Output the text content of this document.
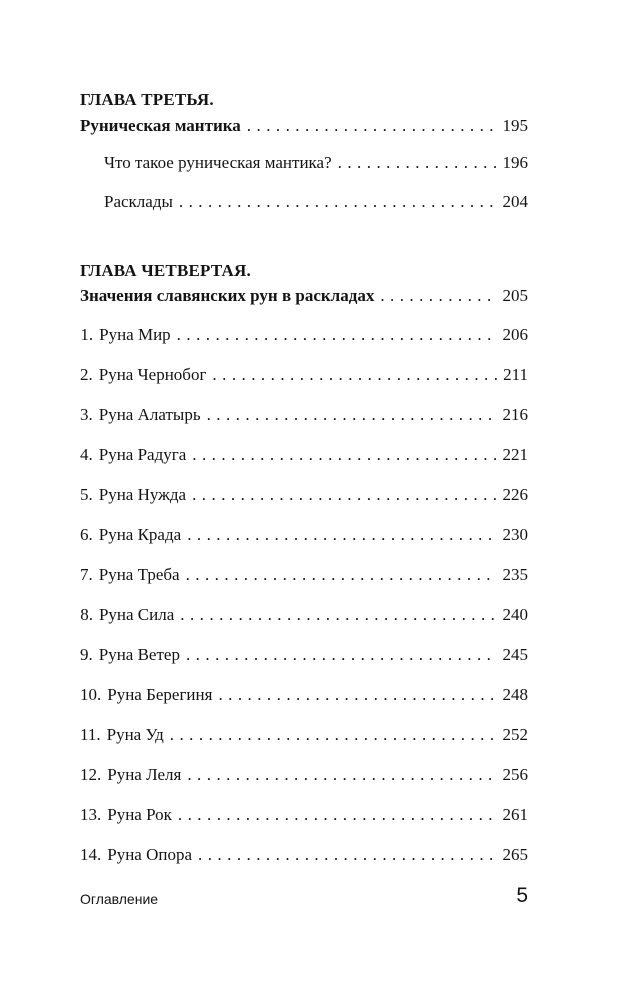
ГЛАВА ТРЕТЬЯ.
Руническая мантика . . .	195
Что такое руническая мантика? . . .	196
Расклады . . .	204
ГЛАВА ЧЕТВЕРТАЯ.
Значения славянских рун в раскладах . . .	205
1. Руна Мир . . .	206
2. Руна Чернобог . . .	211
3. Руна Алатырь . . .	216
4. Руна Радуга . . .	221
5. Руна Нужда . . .	226
6. Руна Крада . . .	230
7. Руна Треба . . .	235
8. Руна Сила . . .	240
9. Руна Ветер . . .	245
10. Руна Берегиня . . .	248
11. Руна Уд . . .	252
12. Руна Леля . . .	256
13. Руна Рок . . .	261
14. Руна Опора . . .	265
Оглавление	5
